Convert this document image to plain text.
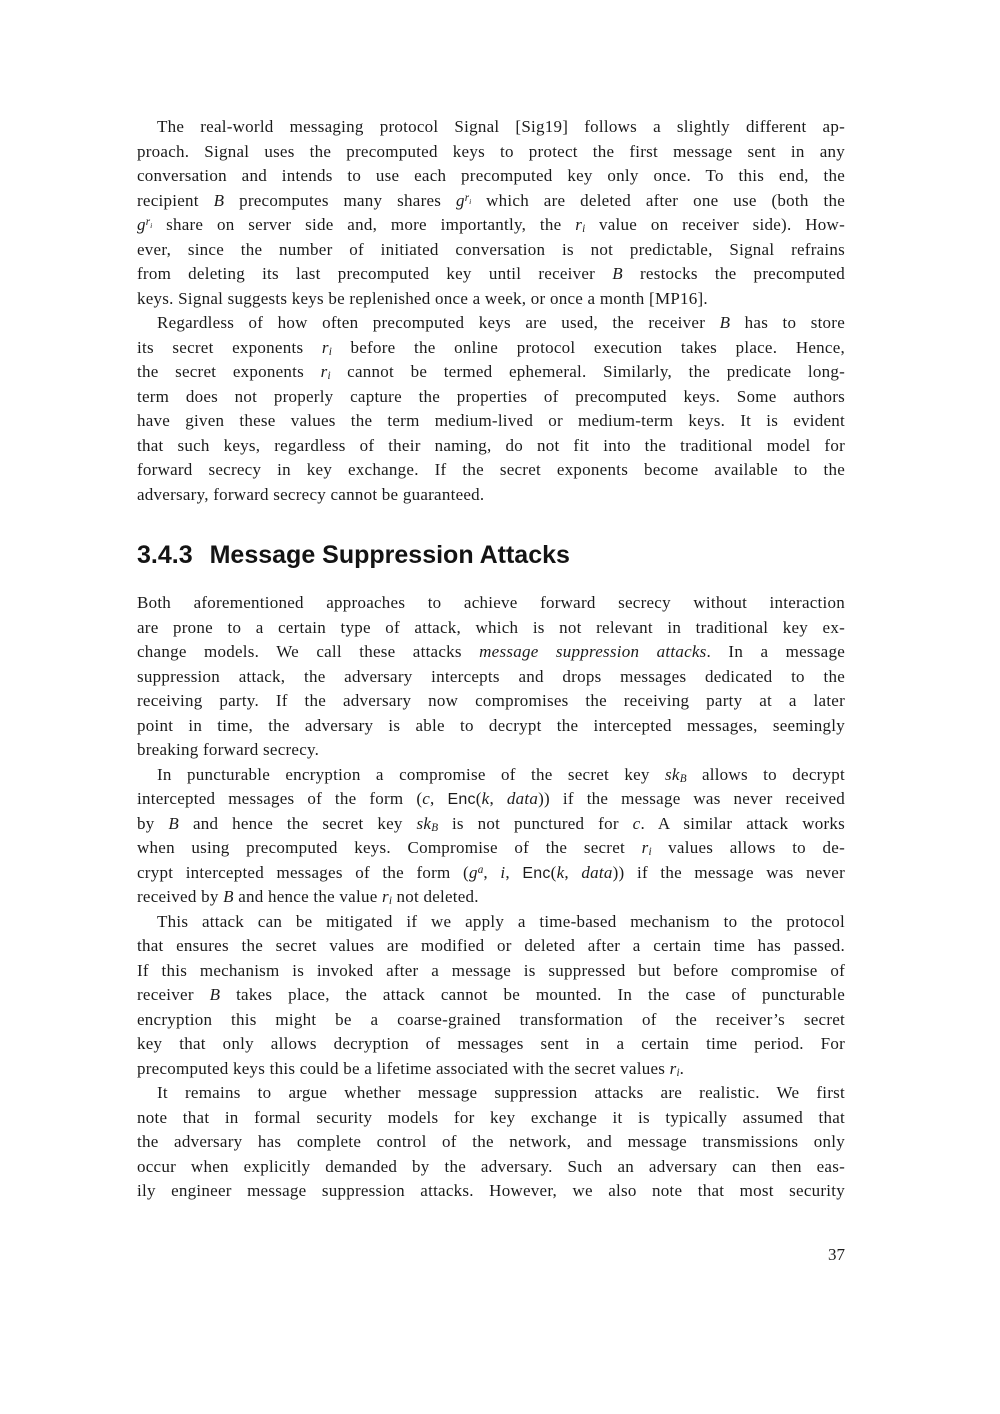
The real-world messaging protocol Signal [Sig19] follows a slightly different ap-
proach. Signal uses the precomputed keys to protect the first message sent in any
conversation and intends to use each precomputed key only once. To this end, the
recipient B precomputes many shares $g^ri$ which are deleted after one use (both the
$g^ri$ share on server side and, more importantly, the ri value on receiver side). How-
ever, since the number of initiated conversation is not predictable, Signal refrains
from deleting its last precomputed key until receiver B restocks the precomputed
keys. Signal suggests keys be replenished once a week, or once a month [MP16].
Regardless of how often precomputed keys are used, the receiver B has to store
its secret exponents ri before the online protocol execution takes place. Hence,
the secret exponents ri cannot be termed ephemeral. Similarly, the predicate long-
term does not properly capture the properties of precomputed keys. Some authors
have given these values the term medium-lived or medium-term keys. It is evident
that such keys, regardless of their naming, do not fit into the traditional model for
forward secrecy in key exchange. If the secret exponents become available to the
adversary, forward secrecy cannot be guaranteed.
3.4.3 Message Suppression Attacks
Both aforementioned approaches to achieve forward secrecy without interaction
are prone to a certain type of attack, which is not relevant in traditional key ex-
change models. We call these attacks message suppression attacks. In a message
suppression attack, the adversary intercepts and drops messages dedicated to the
receiving party. If the adversary now compromises the receiving party at a later
point in time, the adversary is able to decrypt the intercepted messages, seemingly
breaking forward secrecy.
In puncturable encryption a compromise of the secret key skB allows to decrypt
intercepted messages of the form (c, Enc(k, data)) if the message was never received
by B and hence the secret key skB is not punctured for c. A similar attack works
when using precomputed keys. Compromise of the secret ri values allows to de-
crypt intercepted messages of the form ($g^a$, i, Enc(k, data)) if the message was never
received by B and hence the value ri not deleted.
This attack can be mitigated if we apply a time-based mechanism to the protocol
that ensures the secret values are modified or deleted after a certain time has passed.
If this mechanism is invoked after a message is suppressed but before compromise of
receiver B takes place, the attack cannot be mounted. In the case of puncturable
encryption this might be a coarse-grained transformation of the receiver’s secret
key that only allows decryption of messages sent in a certain time period. For
precomputed keys this could be a lifetime associated with the secret values ri.
It remains to argue whether message suppression attacks are realistic. We first
note that in formal security models for key exchange it is typically assumed that
the adversary has complete control of the network, and message transmissions only
occur when explicitly demanded by the adversary. Such an adversary can then eas-
ily engineer message suppression attacks. However, we also note that most security
37
